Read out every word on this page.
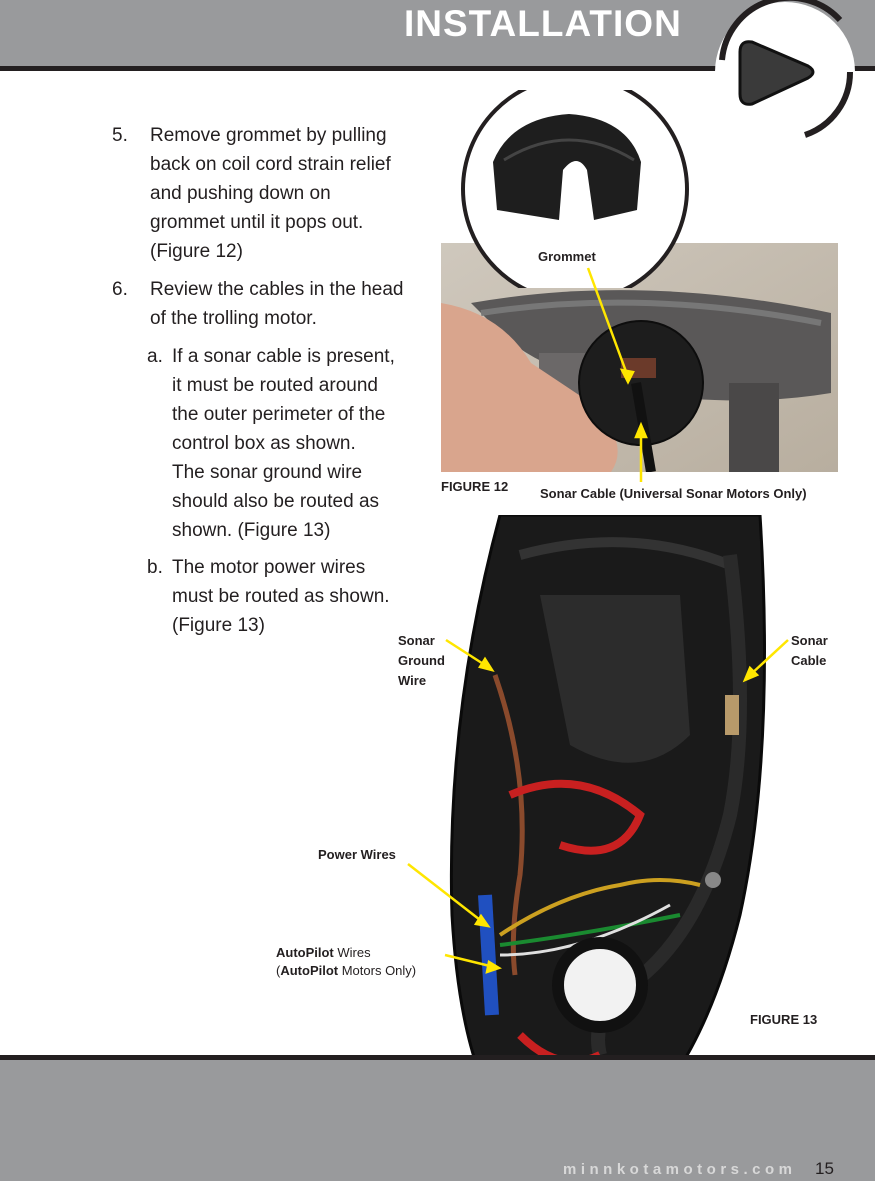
INSTALLATION
5. Remove grommet by pulling
back on coil cord strain relief
and pushing down on
grommet until it pops out.
(Figure 12)
6. Review the cables in the head
of the trolling motor.
a. If a sonar cable is present,
it must be routed around
the outer perimeter of the
control box as shown.
The sonar ground wire
should also be routed as
shown. (Figure 13)
b. The motor power wires
must be routed as shown.
(Figure 13)
Grommet
FIGURE 12 Sonar Cable (Universal Sonar Motors Only)
Sonar
Ground
Wire
Sonar
Cable
Power Wires
AutoPilot Wires
(AutoPilot Motors Only)
FIGURE 13
minnkotamotors.com 15
